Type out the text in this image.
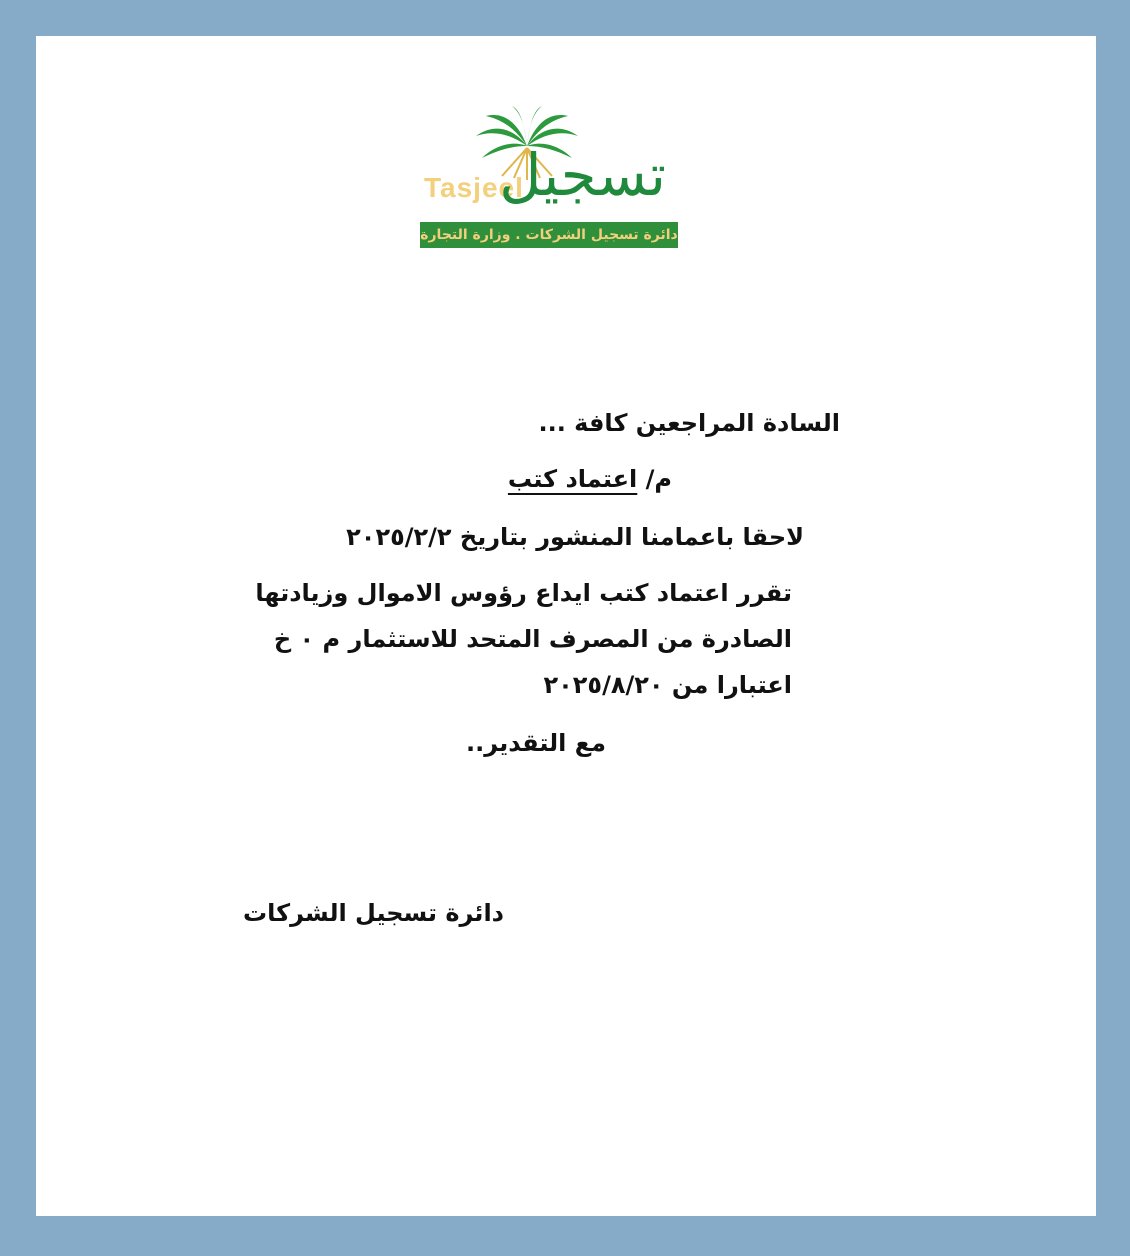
Tasjeel
تسجيل
دائرة تسجيل الشركات . وزارة التجارة
السادة المراجعين كافة ...
م/ اعتماد كتب
لاحقا باعمامنا المنشور بتاريخ ٢٠٢٥/٢/٢
تقرر اعتماد كتب ايداع رؤوس الاموال وزيادتها
الصادرة من المصرف المتحد للاستثمار م ٠ خ
اعتبارا من ٢٠٢٥/٨/٢٠
مع التقدير..
دائرة تسجيل الشركات
